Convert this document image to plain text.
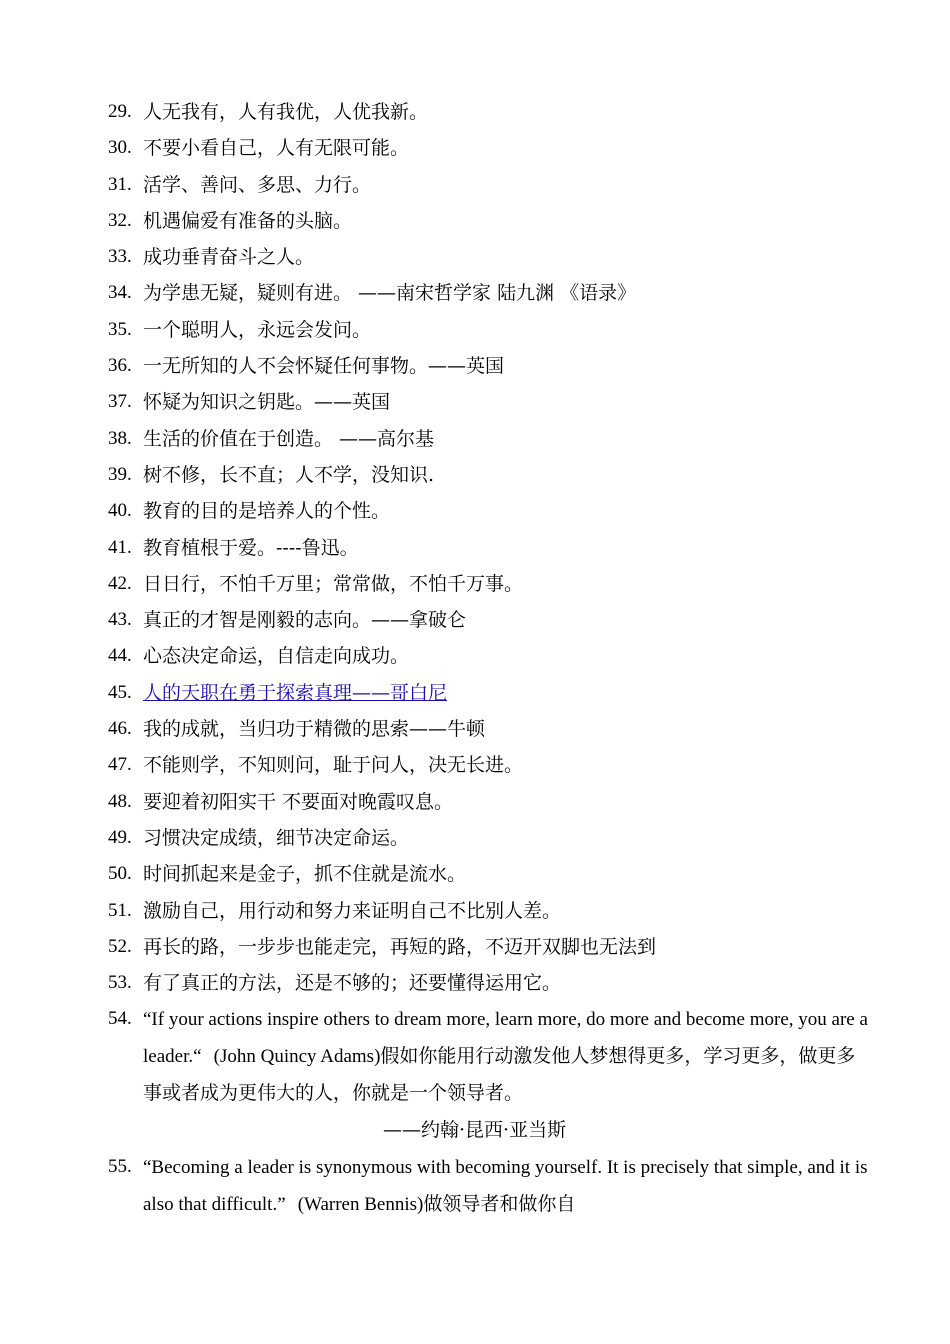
29. 人无我有，人有我优，人优我新。
30. 不要小看自己，人有无限可能。
31. 活学、善问、多思、力行。
32. 机遇偏爱有准备的头脑。
33. 成功垂青奋斗之人。
34. 为学患无疑，疑则有进。 ——南宋哲学家 陆九渊 《语录》
35. 一个聪明人，永远会发问。
36. 一无所知的人不会怀疑任何事物。——英国
37. 怀疑为知识之钥匙。——英国
38. 生活的价值在于创造。 ——高尔基
39. 树不修，长不直；人不学，没知识.
40. 教育的目的是培养人的个性。
41. 教育植根于爱。----鲁迅。
42. 日日行，不怕千万里；常常做，不怕千万事。
43. 真正的才智是刚毅的志向。——拿破仑
44. 心态决定命运，自信走向成功。
45. 人的天职在勇于探索真理——哥白尼
46. 我的成就，当归功于精微的思索——牛顿
47. 不能则学，不知则问，耻于问人，决无长进。
48. 要迎着初阳实干 不要面对晚霞叹息。
49. 习惯决定成绩，细节决定命运。
50. 时间抓起来是金子，抓不住就是流水。
51. 激励自己，用行动和努力来证明自己不比别人差。
52. 再长的路，一步步也能走完，再短的路，不迈开双脚也无法到
53. 有了真正的方法，还是不够的；还要懂得运用它。
54. “If your actions inspire others to dream more, learn more, do more and become more, you are a leader.“ (John Quincy Adams)假如你能用行动激发他人梦想得更多，学习更多，做更多事或者成为更伟大的人，你就是一个领导者。——约翰·昆西·亚当斯
55. “Becoming a leader is synonymous with becoming yourself. It is precisely that simple, and it is also that difficult.” (Warren Bennis)做领导者和做你自
